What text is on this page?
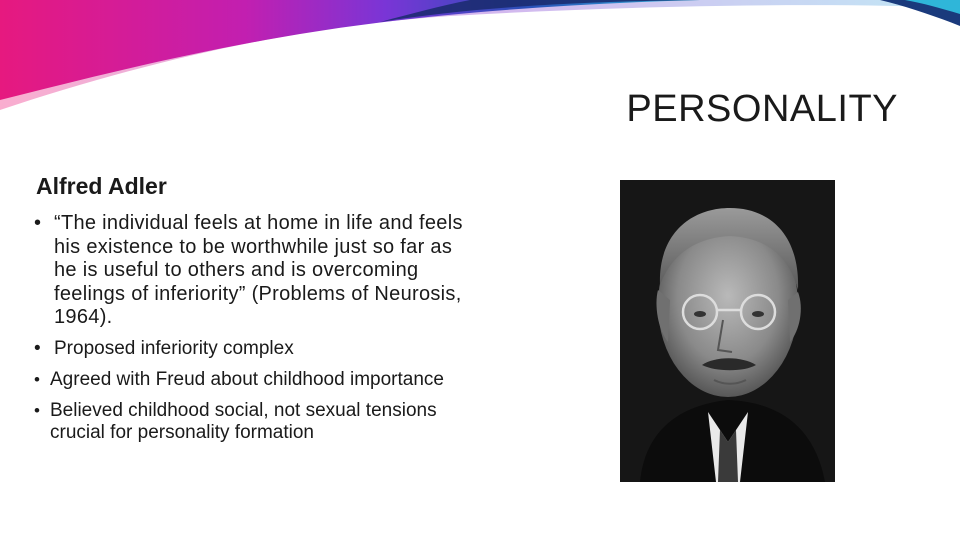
PERSONALITY
Alfred Adler
• “The individual feels at home in life and feels his existence to be worthwhile just so far as he is useful to others and is overcoming feelings of inferiority” (Problems of Neurosis, 1964).
• Proposed inferiority complex
• Agreed with Freud about childhood importance
• Believed childhood social, not sexual tensions crucial for personality formation
